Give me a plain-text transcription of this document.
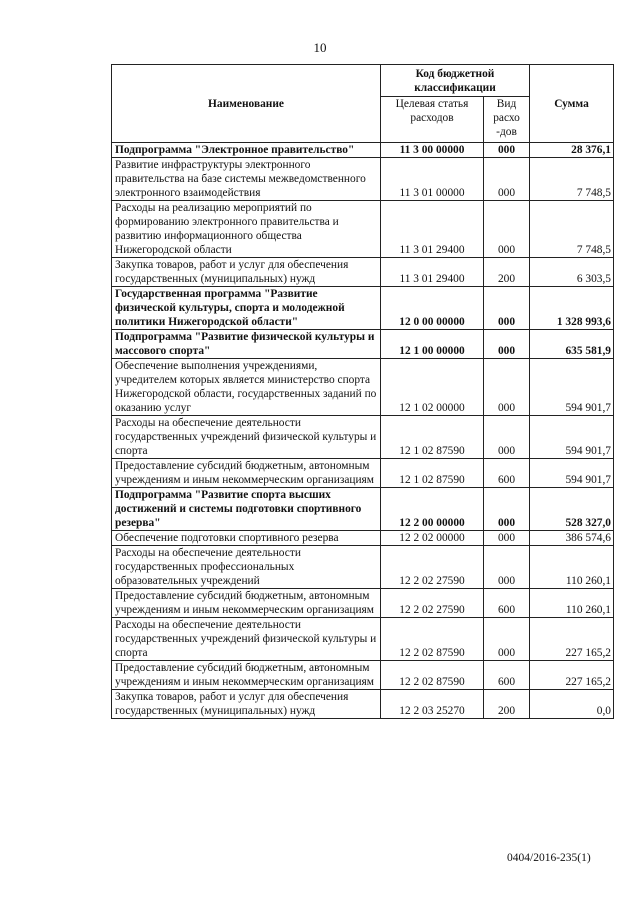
10
Наименование	Код бюджетной классификации		Сумма
	Целевая статья расходов	Вид расхо -дов	
Подпрограмма "Электронное правительство"	11 3 00 00000	000	28 376,1
Развитие инфраструктуры электронного правительства на базе системы межведомственного электронного взаимодействия	11 3 01 00000	000	7 748,5
Расходы на реализацию мероприятий по формированию электронного правительства и развитию информационного общества Нижегородской области	11 3 01 29400	000	7 748,5
Закупка товаров, работ и услуг для обеспечения государственных (муниципальных) нужд	11 3 01 29400	200	6 303,5
Государственная программа "Развитие физической культуры, спорта и молодежной политики Нижегородской области"	12 0 00 00000	000	1 328 993,6
Подпрограмма "Развитие физической культуры и массового спорта"	12 1 00 00000	000	635 581,9
Обеспечение выполнения учреждениями, учредителем которых является министерство спорта Нижегородской области, государственных заданий по оказанию услуг	12 1 02 00000	000	594 901,7
Расходы на обеспечение деятельности государственных учреждений физической культуры и спорта	12 1 02 87590	000	594 901,7
Предоставление субсидий бюджетным, автономным учреждениям и иным некоммерческим организациям	12 1 02 87590	600	594 901,7
Подпрограмма "Развитие спорта высших достижений и системы подготовки спортивного резерва"	12 2 00 00000	000	528 327,0
Обеспечение подготовки спортивного резерва	12 2 02 00000	000	386 574,6
Расходы на обеспечение деятельности государственных профессиональных образовательных учреждений	12 2 02 27590	000	110 260,1
Предоставление субсидий бюджетным, автономным учреждениям и иным некоммерческим организациям	12 2 02 27590	600	110 260,1
Расходы на обеспечение деятельности государственных учреждений физической культуры и спорта	12 2 02 87590	000	227 165,2
Предоставление субсидий бюджетным, автономным учреждениям и иным некоммерческим организациям	12 2 02 87590	600	227 165,2
Закупка товаров, работ и услуг для обеспечения государственных (муниципальных) нужд	12 2 03 25270	200	0,0
0404/2016-235(1)
